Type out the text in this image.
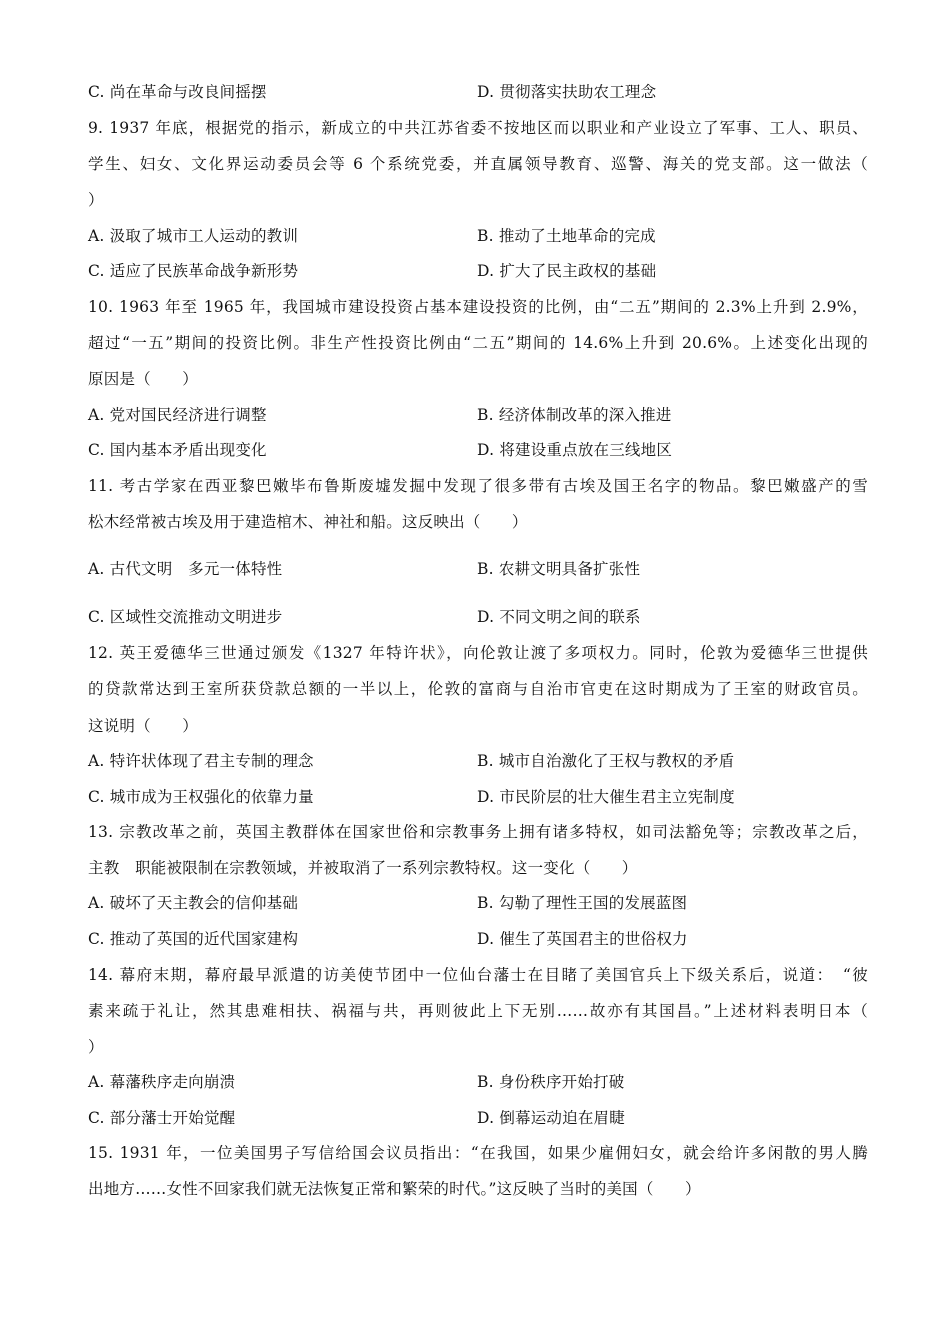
C. 尚在革命与改良间摇摆	D. 贯彻落实扶助农工理念
9. 1937 年底，根据党的指示，新成立的中共江苏省委不按地区而以职业和产业设立了军事、工人、职员、
学生、妇女、文化界运动委员会等 6 个系统党委，并直属领导教育、巡警、海关的党支部。这一做法（
）
A. 汲取了城市工人运动的教训	B. 推动了土地革命的完成
C. 适应了民族革命战争新形势	D. 扩大了民主政权的基础
10. 1963 年至 1965 年，我国城市建设投资占基本建设投资的比例，由“二五”期间的 2.3%上升到 2.9%，
超过“一五”期间的投资比例。非生产性投资比例由“二五”期间的 14.6%上升到 20.6%。上述变化出现的
原因是（　　）
A. 党对国民经济进行调整	B. 经济体制改革的深入推进
C. 国内基本矛盾出现变化	D. 将建设重点放在三线地区
11. 考古学家在西亚黎巴嫩毕布鲁斯废墟发掘中发现了很多带有古埃及国王名字的物品。黎巴嫩盛产的雪
松木经常被古埃及用于建造棺木、神社和船。这反映出（　　）
A. 古代文明　多元一体特性	B. 农耕文明具备扩张性
C. 区域性交流推动文明进步	D. 不同文明之间的联系
12. 英王爱德华三世通过颁发《1327 年特许状》，向伦敦让渡了多项权力。同时，伦敦为爱德华三世提供
的贷款常达到王室所获贷款总额的一半以上，伦敦的富商与自治市官吏在这时期成为了王室的财政官员。
这说明（　　）
A. 特许状体现了君主专制的理念	B. 城市自治激化了王权与教权的矛盾
C. 城市成为王权强化的依靠力量	D. 市民阶层的壮大催生君主立宪制度
13. 宗教改革之前，英国主教群体在国家世俗和宗教事务上拥有诸多特权，如司法豁免等；宗教改革之后，
主教　职能被限制在宗教领域，并被取消了一系列宗教特权。这一变化（　　）
A. 破坏了天主教会的信仰基础	B. 勾勒了理性王国的发展蓝图
C. 推动了英国的近代国家建构	D. 催生了英国君主的世俗权力
14. 幕府末期，幕府最早派遣的访美使节团中一位仙台藩士在目睹了美国官兵上下级关系后，说道：　“彼
素来疏于礼让，然其患难相扶、祸福与共，再则彼此上下无别……故亦有其国昌。”上述材料表明日本（
）
A. 幕藩秩序走向崩溃	B. 身份秩序开始打破
C. 部分藩士开始觉醒	D. 倒幕运动迫在眉睫
15. 1931 年，一位美国男子写信给国会议员指出：“在我国，如果少雇佣妇女，就会给许多闲散的男人腾
出地方……女性不回家我们就无法恢复正常和繁荣的时代。”这反映了当时的美国（　　）
